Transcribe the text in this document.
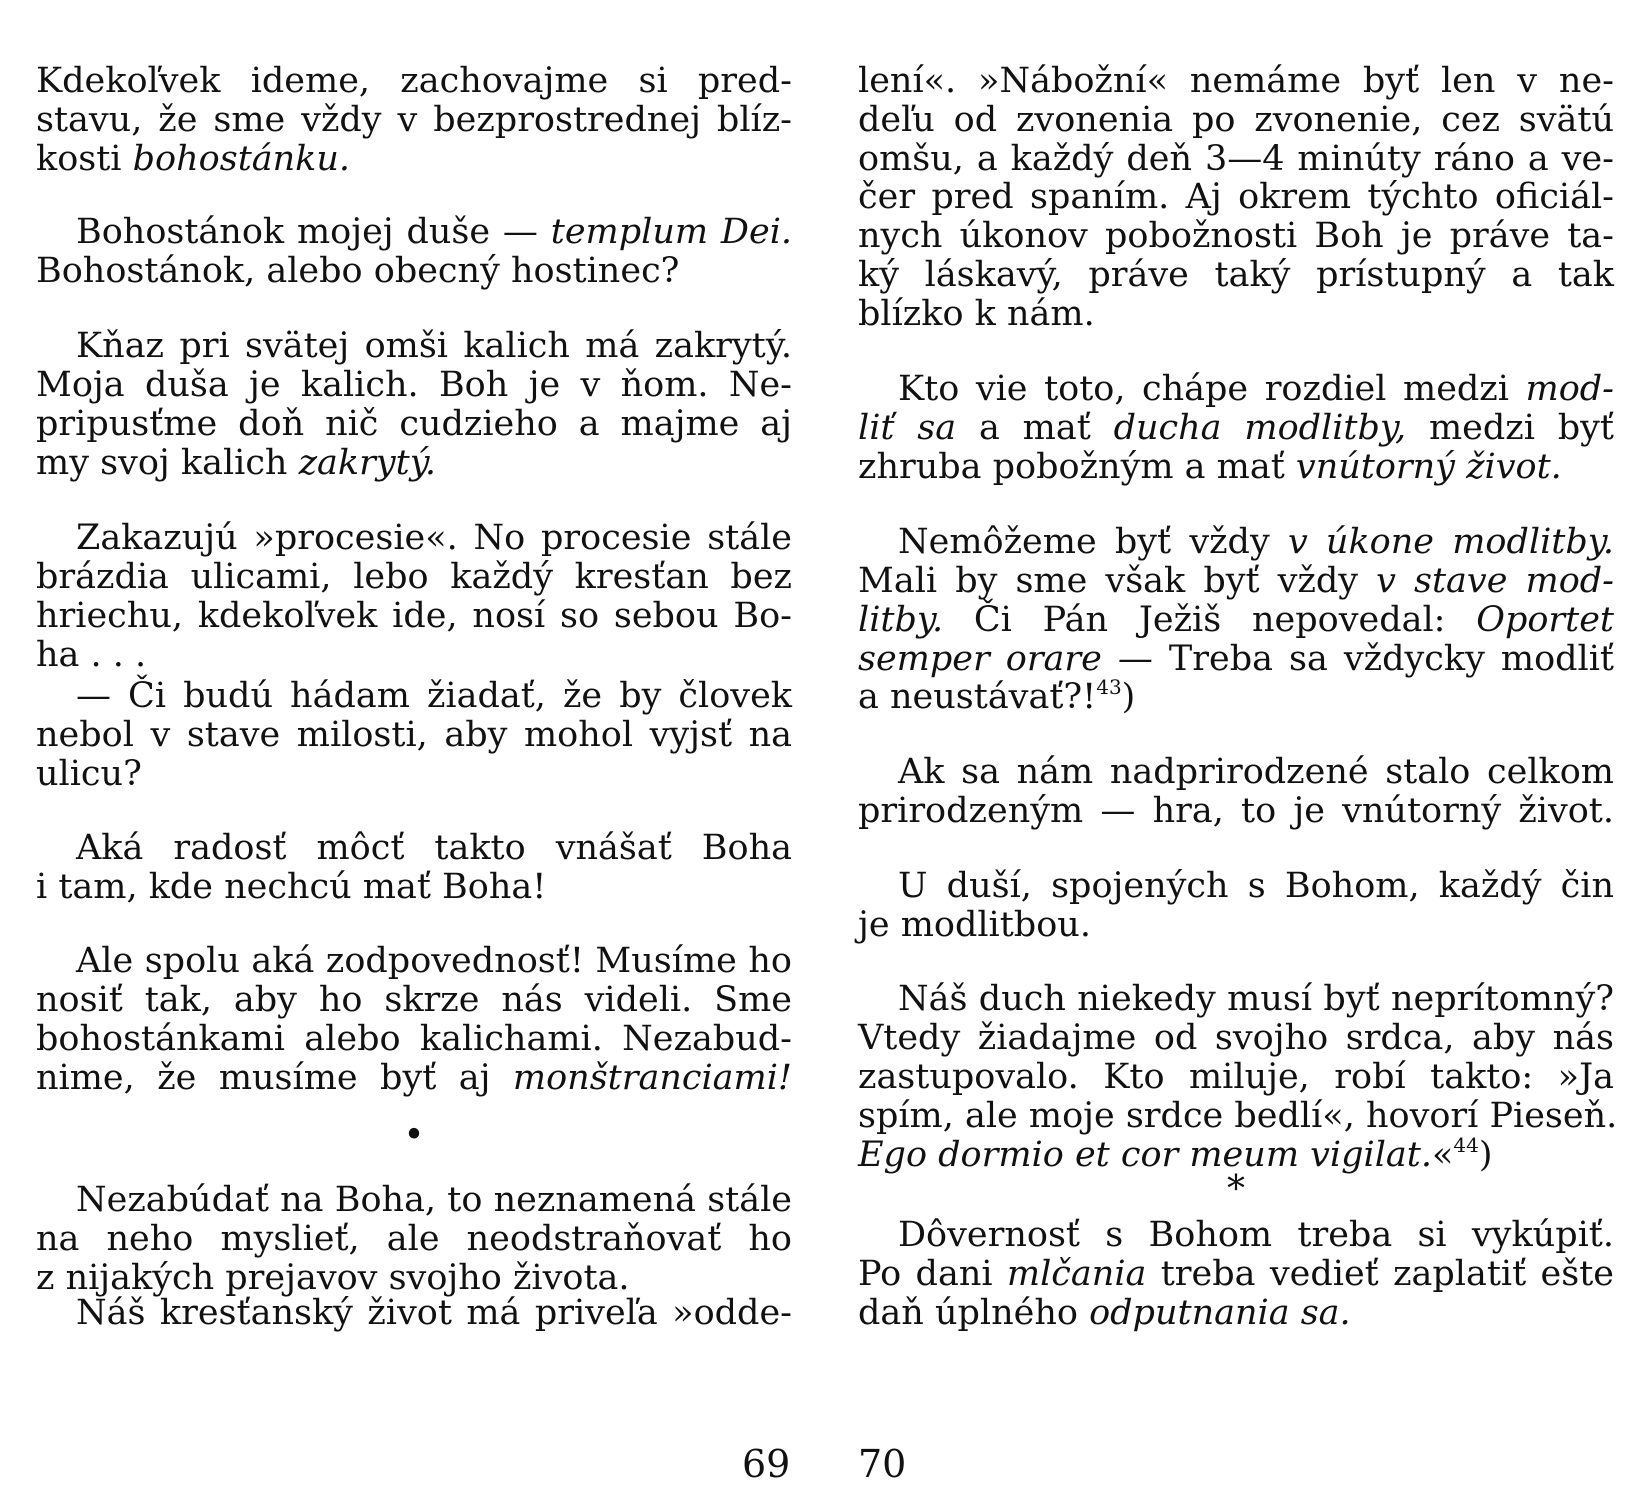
Kdekoľvek ideme, zachovajme si pred-
stavu, že sme vždy v bezprostrednej blíz-
kosti bohostánku.
Bohostánok mojej duše — templum Dei.
Bohostánok, alebo obecný hostinec?
Kňaz pri svätej omši kalich má zakrytý.
Moja duša je kalich. Boh je v ňom. Ne-
pripusťme doň nič cudzieho a majme aj
my svoj kalich zakrytý.
Zakazujú »procesie«. No procesie stále
brázdia ulicami, lebo každý kresťan bez
hriechu, kdekoľvek ide, nosí so sebou Bo-
ha . . .
— Či budú hádam žiadať, že by človek
nebol v stave milosti, aby mohol vyjsť na
ulicu?
Aká radosť môcť takto vnášať Boha
i tam, kde nechcú mať Boha!
Ale spolu aká zodpovednosť! Musíme ho
nosiť tak, aby ho skrze nás videli. Sme
bohostánkami alebo kalichami. Nezabud-
nime, že musíme byť aj monštranciami!
•
Nezabúdať na Boha, to neznamená stále
na neho myslieť, ale neodstraňovať ho
z nijakých prejavov svojho života.
Náš kresťanský život má priveľa »odde-
69
lení«. »Nábožní« nemáme byť len v ne-
deľu od zvonenia po zvonenie, cez svätú
omšu, a každý deň 3—4 minúty ráno a ve-
čer pred spaním. Aj okrem týchto oficiál-
nych úkonov pobožnosti Boh je práve ta-
ký láskavý, práve taký prístupný a tak
blízko k nám.
Kto vie toto, chápe rozdiel medzi mod-
liť sa a mať ducha modlitby, medzi byť
zhruba pobožným a mať vnútorný život.
Nemôžeme byť vždy v úkone modlitby.
Mali by sme však byť vždy v stave mod-
litby. Či Pán Ježiš nepovedal: Oportet
semper orare — Treba sa vždycky modliť
a neustávať?!$^{43}$)
Ak sa nám nadprirodzené stalo celkom
prirodzeným — hra, to je vnútorný život.
U duší, spojených s Bohom, každý čin
je modlitbou.
Náš duch niekedy musí byť neprítomný?
Vtedy žiadajme od svojho srdca, aby nás
zastupovalo. Kto miluje, robí takto: »Ja
spím, ale moje srdce bedlí«, hovorí Pieseň.
Ego dormio et cor meum vigilat.«$^{44}$)
*
Dôvernosť s Bohom treba si vykúpiť.
Po dani mlčania treba vedieť zaplatiť ešte
daň úplného odputnania sa.
70
